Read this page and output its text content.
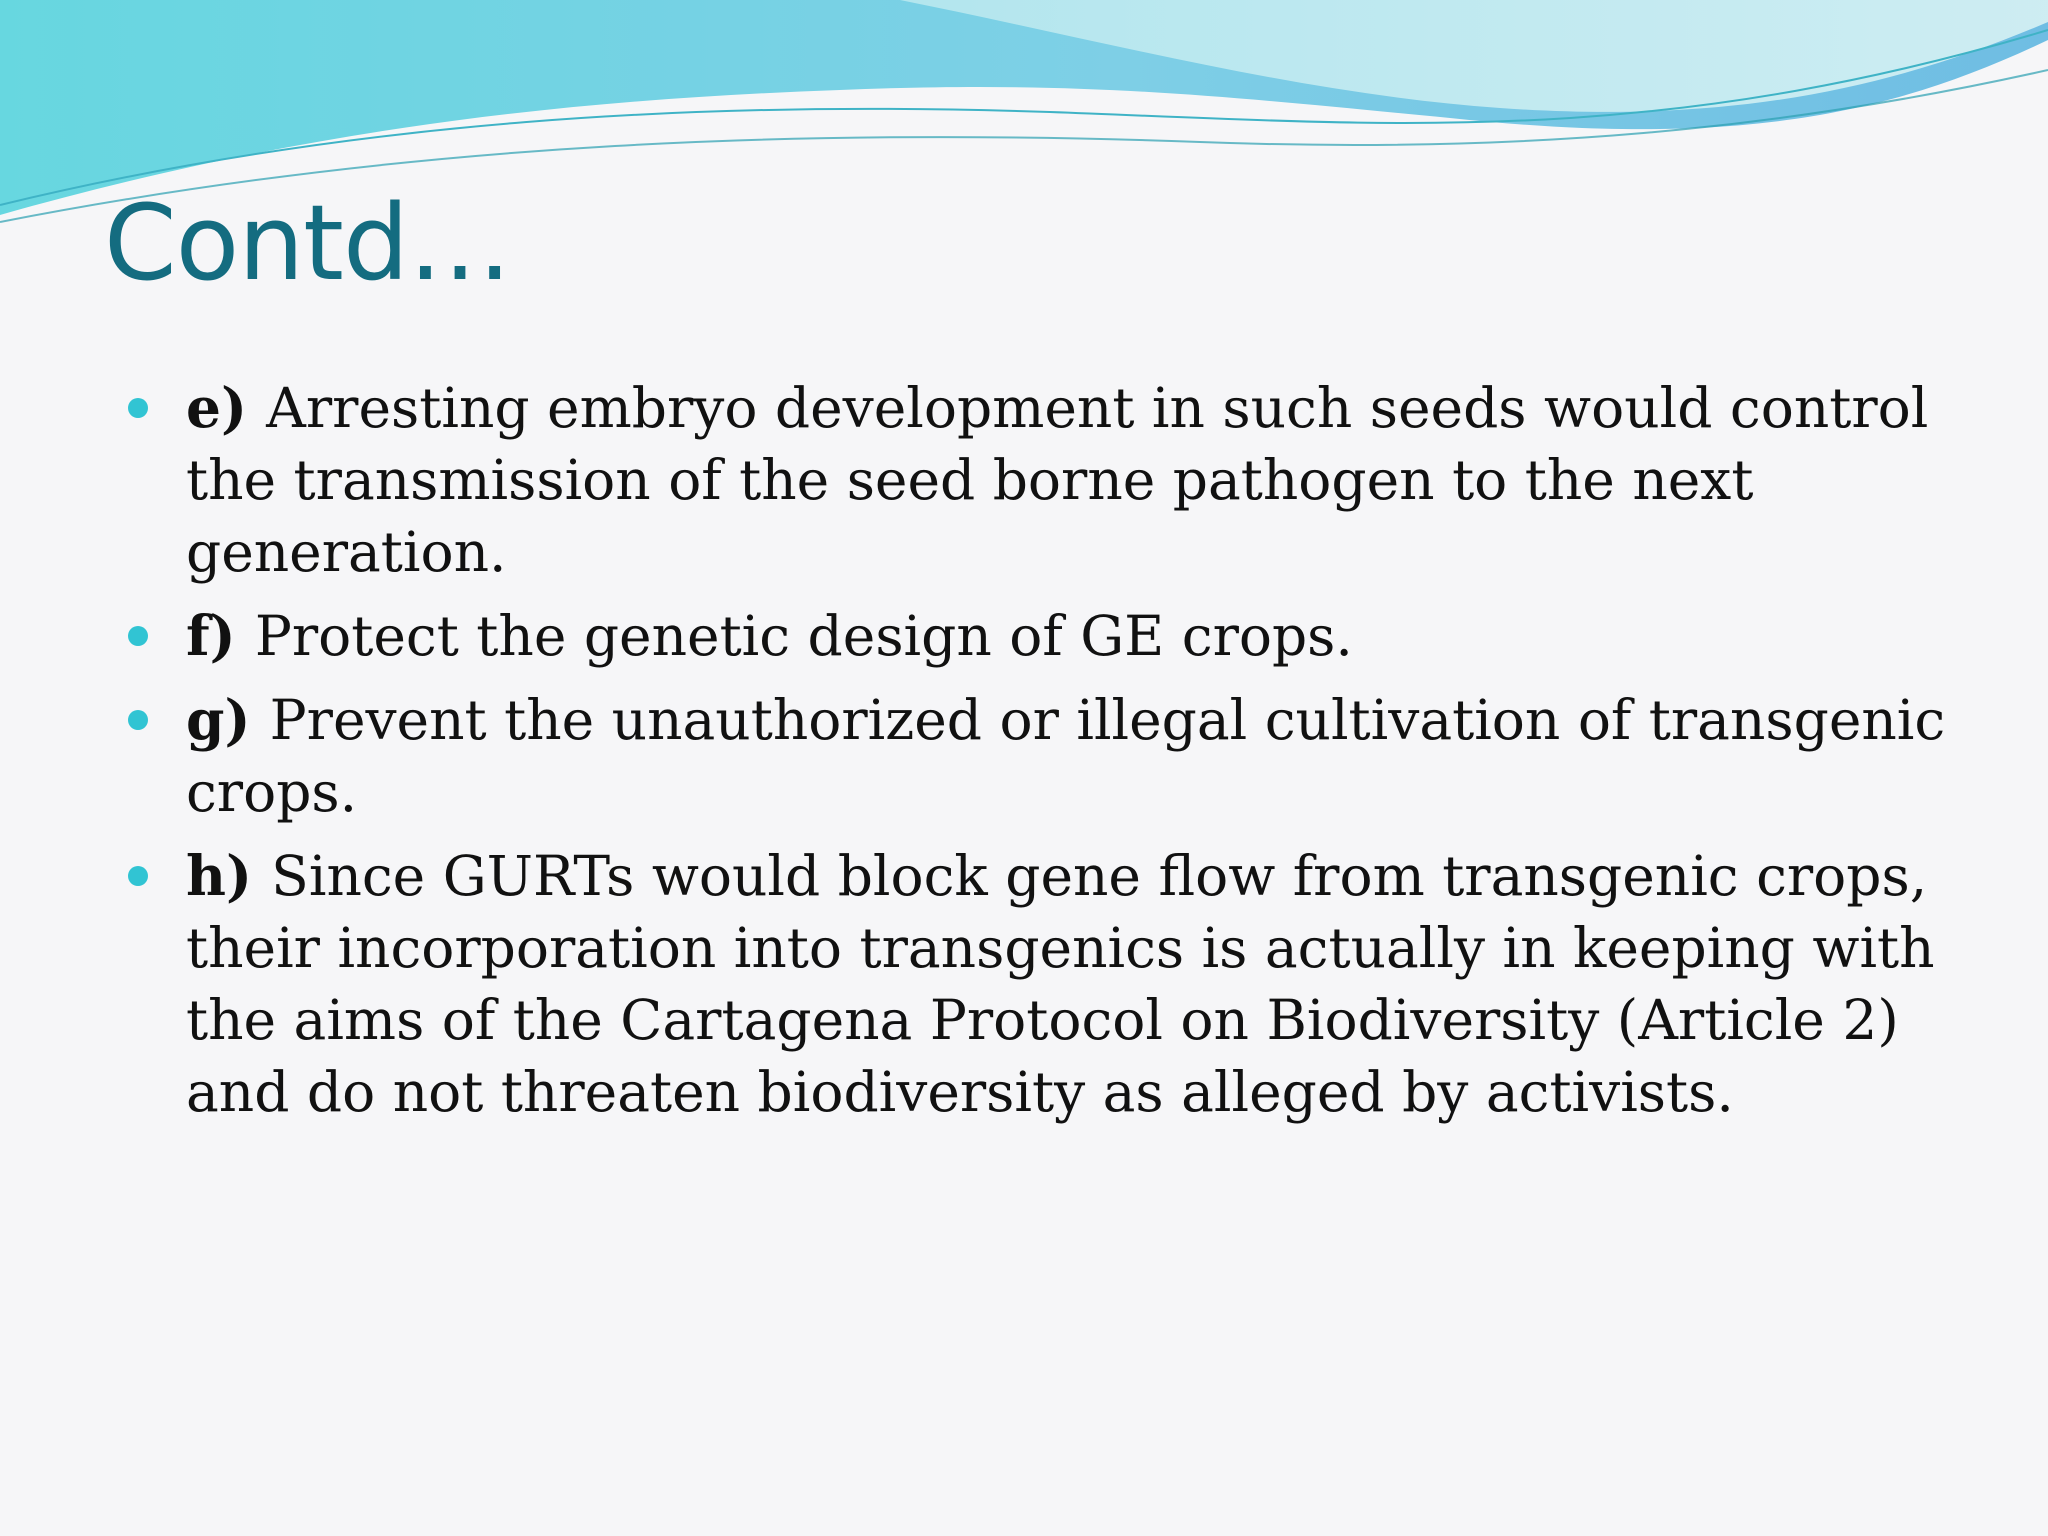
Contd…
e) Arresting embryo development in such seeds would control the transmission of the seed borne pathogen to the next generation.
f) Protect the genetic design of GE crops.
g) Prevent the unauthorized or illegal cultivation of transgenic crops.
h) Since GURTs would block gene flow from transgenic crops, their incorporation into transgenics is actually in keeping with the aims of the Cartagena Protocol on Biodiversity (Article 2) and do not threaten biodiversity as alleged by activists.
